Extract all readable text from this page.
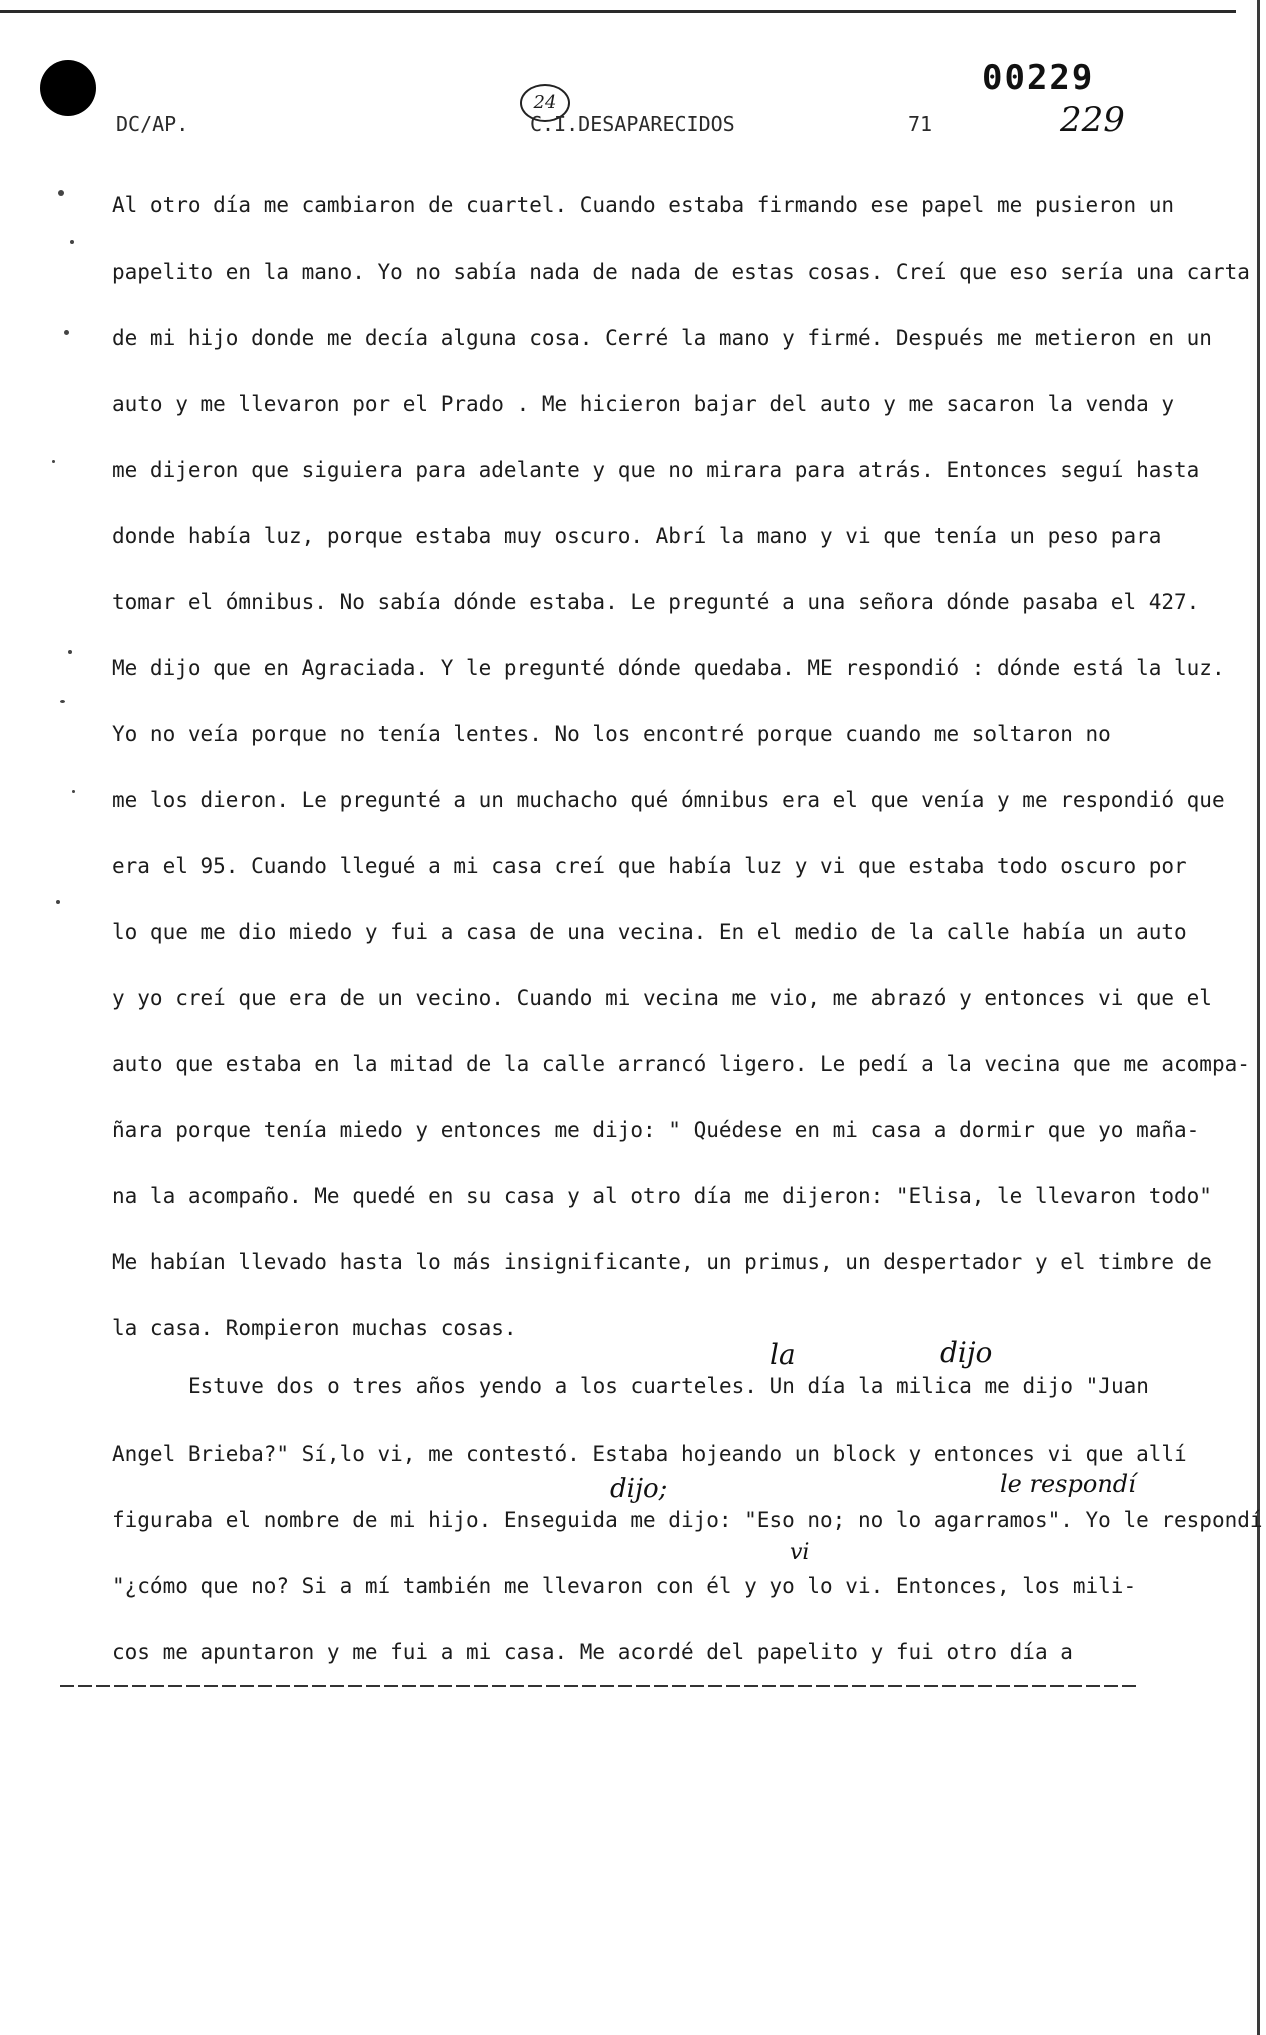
DC/AP.
24
C.I.DESAPARECIDOS	71
00229
229
Al otro día me cambiaron de cuartel. Cuando estaba firmando ese papel me pusieron un
papelito en la mano. Yo no sabía nada de nada de estas cosas. Creí que eso sería una carta
de mi hijo donde me decía alguna cosa. Cerré la mano y firmé. Después me metieron en un
auto y me llevaron por el Prado . Me hicieron bajar del auto y me sacaron la venda y
me dijeron que siguiera para adelante y que no mirara para atrás. Entonces seguí hasta
donde había luz, porque estaba muy oscuro. Abrí la mano y vi que tenía un peso para
tomar el ómnibus. No sabía dónde estaba. Le pregunté a una señora dónde pasaba el 427.
Me dijo que en Agraciada. Y le pregunté dónde quedaba. ME respondió : dónde está la luz.
Yo no veía porque no tenía lentes. No los encontré porque cuando me soltaron no
me los dieron. Le pregunté a un muchacho qué ómnibus era el que venía y me respondió que
era el 95. Cuando llegué a mi casa creí que había luz y vi que estaba todo oscuro por
lo que me dio miedo y fui a casa de una vecina. En el medio de la calle había un auto
y yo creí que era de un vecino. Cuando mi vecina me vio, me abrazó y entonces vi que el
auto que estaba en la mitad de la calle arrancó ligero. Le pedí a la vecina que me acompa-
ñara porque tenía miedo y entonces me dijo: " Quédese en mi casa a dormir que yo maña-
na la acompaño. Me quedé en su casa y al otro día me dijeron: "Elisa, le llevaron todo"
Me habían llevado hasta lo más insignificante, un primus, un despertador y el timbre de
la casa. Rompieron muchas cosas.
Estuve dos o tres años yendo a los cuarteles. Un día la milica me dijo "Juan
Angel Brieba?" Sí,lo vi, me contestó. Estaba hojeando un block y entonces vi que allí
figuraba el nombre de mi hijo. Enseguida me dijo: "Eso no; no lo agarramos". Yo le respondí
"¿cómo que no? Si a mí también me llevaron con él y yo lo vi. Entonces, los mili-
cos me apuntaron y me fui a mi casa. Me acordé del papelito y fui otro día a
la	dijo
dijo;	le respondí
vi
